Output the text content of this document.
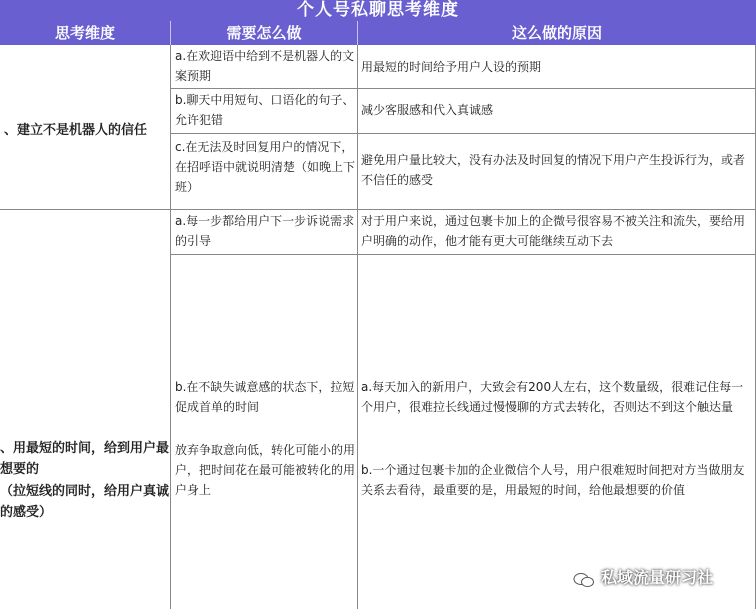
个人号私聊思考维度
思考维度	需要怎么做	这么做的原因
、建立不是机器人的信任
a.在欢迎语中给到不是机器人的文案预期
用最短的时间给予用户人设的预期
b.聊天中用短句、口语化的句子、允许犯错
减少客服感和代入真诚感
c.在无法及时回复用户的情况下，在招呼语中就说明清楚（如晚上下班）
避免用户量比较大，没有办法及时回复的情况下用户产生投诉行为，或者不信任的感受
、用最短的时间，给到用户最
想要的
（拉短线的同时，给用户真诚
的感受）
a.每一步都给用户下一步诉说需求的引导
对于用户来说，通过包裹卡加上的企微号很容易不被关注和流失，要给用户明确的动作，他才能有更大可能继续互动下去
b.在不缺失诚意感的状态下，拉短促成首单的时间
放弃争取意向低，转化可能小的用户，把时间花在最可能被转化的用户身上
a.每天加入的新用户，大致会有200人左右，这个数量级，很难记住每一个用户，很难拉长线通过慢慢聊的方式去转化，否则达不到这个触达量
b.一个通过包裹卡加的企业微信个人号，用户很难短时间把对方当做朋友关系去看待，最重要的是，用最短的时间，给他最想要的价值
私域流量研习社
